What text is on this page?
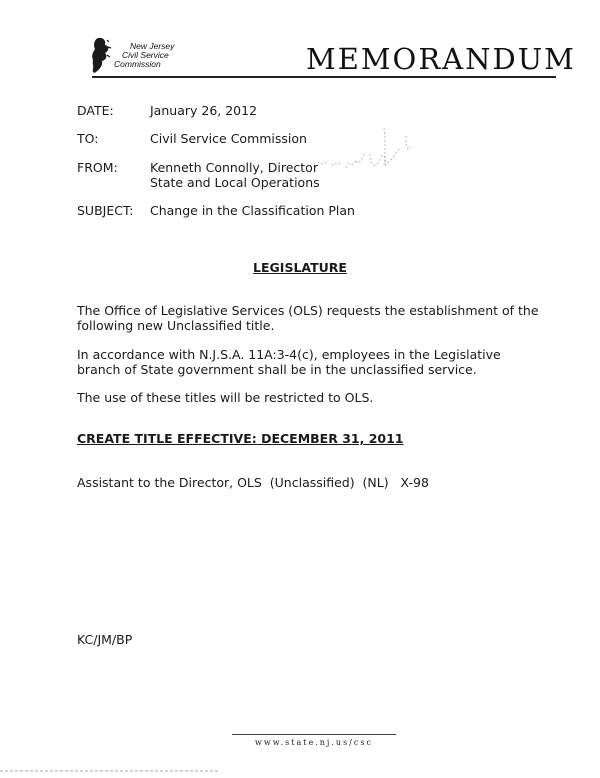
New Jersey
Civil Service
Commission	MEMORANDUM
DATE:	January 26, 2012
TO:	Civil Service Commission
FROM:	Kenneth Connolly, Director
State and Local Operations
SUBJECT: Change in the Classification Plan
LEGISLATURE
The Office of Legislative Services (OLS) requests the establishment of the following new Unclassified title.
In accordance with N.J.S.A. 11A:3-4(c), employees in the Legislative branch of State government shall be in the unclassified service.
The use of these titles will be restricted to OLS.
CREATE TITLE EFFECTIVE: DECEMBER 31, 2011
Assistant to the Director, OLS  (Unclassified)  (NL)   X-98
KC/JM/BP
www.state.nj.us/csc
